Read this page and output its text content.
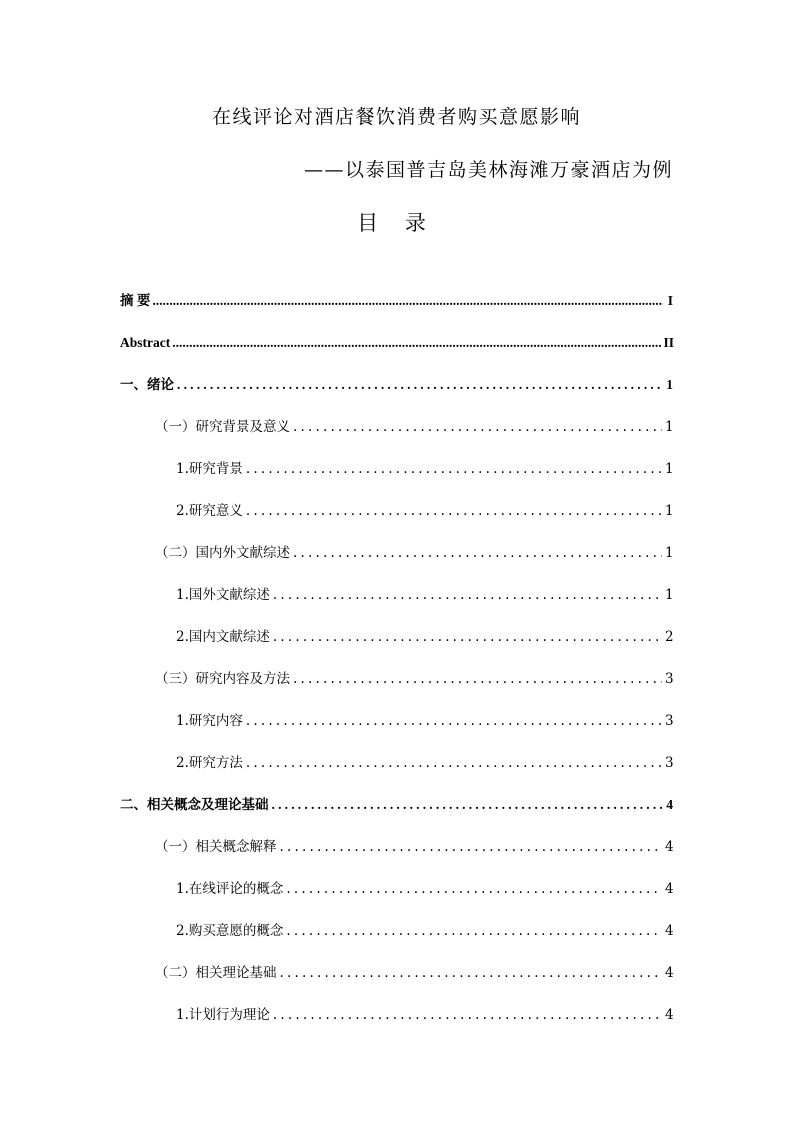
在线评论对酒店餐饮消费者购买意愿影响
——以泰国普吉岛美林海滩万豪酒店为例
目 录
摘 要 .....	I
Abstract .....	II
一、 绪论 .....	1
（一） 研究背景及意义 .....	1
1. 研究背景 .....	1
2. 研究意义 .....	1
（二） 国内外文献综述 .....	1
1. 国外文献综述 .....	1
2. 国内文献综述 .....	2
（三） 研究内容及方法 .....	3
1. 研究内容 .....	3
2. 研究方法 .....	3
二、 相关概念及理论基础 .....	4
（一） 相关概念解释 .....	4
1. 在线评论的概念 .....	4
2. 购买意愿的概念 .....	4
（二） 相关理论基础 .....	4
1. 计划行为理论 .....	4
